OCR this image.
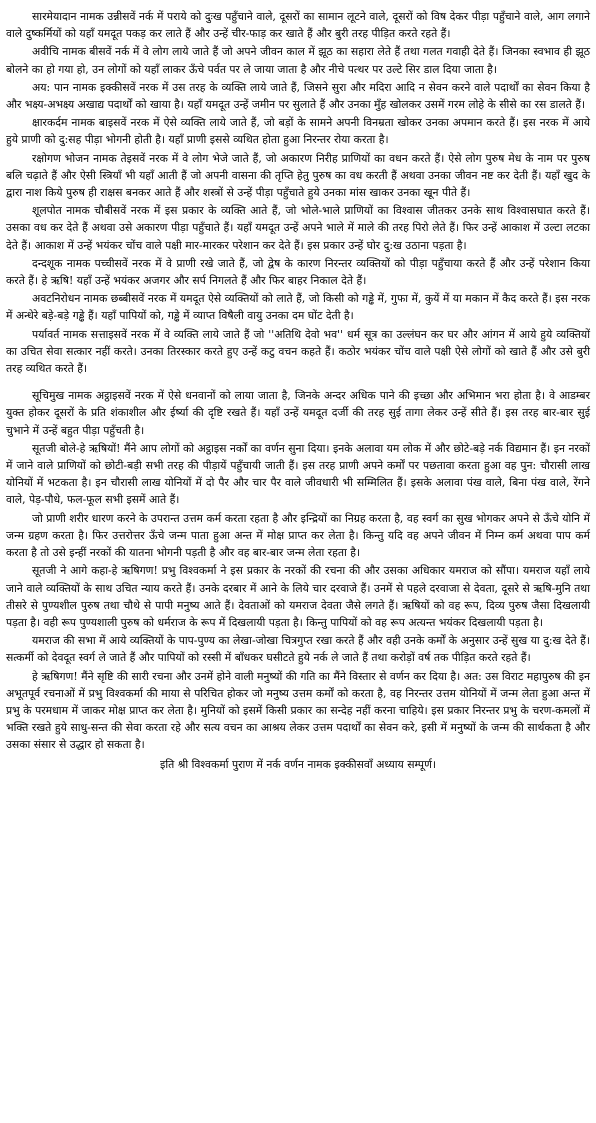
सारमेयादान नामक उन्नीसवें नर्क में पराये को दुःख पहुँचाने वाले, दूसरों का सामान लूटने वाले, दूसरों को विष देकर पीड़ा पहुँचाने वाले, आग लगाने वाले दुष्कर्मियों को यहाँ यमदूत पकड़ कर लाते हैं और उन्हें चीर-फाड़ कर खाते हैं और बुरी तरह पीड़ित करते रहते हैं।

अवीचि नामक बीसवें नर्क में वे लोग लाये जाते हैं जो अपने जीवन काल में झूठ का सहारा लेते हैं तथा गलत गवाही देते हैं। जिनका स्वभाव ही झूठ बोलने का हो गया हो, उन लोगों को यहाँ लाकर ऊँचे पर्वत पर ले जाया जाता है और नीचे पत्थर पर उल्टे सिर डाल दिया जाता है।

अय: पान नामक इक्कीसवें नरक में उस तरह के व्यक्ति लाये जाते हैं, जिसने सुरा और मदिरा आदि न सेवन करने वाले पदार्थों का सेवन किया है और भक्ष्य-अभक्ष्य अखाद्य पदार्थों को खाया है। यहाँ यमदूत उन्हें जमीन पर सुलाते हैं और उनका मुँह खोलकर उसमें गरम लोहे के सीसे का रस डालते हैं।

क्षारकर्दम नामक बाइसवें नरक में ऐसे व्यक्ति लाये जाते हैं, जो बड़ों के सामने अपनी विनम्रता खोकर उनका अपमान करते हैं। इस नरक में आये हुये प्राणी को दु:सह पीड़ा भोगनी होती है। यहाँ प्राणी इससे व्यथित होता हुआ निरन्तर रोया करता है।

रक्षोगण भोजन नामक तेइसवें नरक में वे लोग भेजे जाते हैं, जो अकारण निरीह प्राणियों का वधन करते हैं। ऐसे लोग पुरुष मेध के नाम पर पुरुष बलि चढ़ाते हैं और ऐसी स्त्रियाँ भी यहाँ आती हैं जो अपनी वासना की तृप्ति हेतु पुरुष का वध करती हैं अथवा उनका जीवन नष्ट कर देती हैं। यहाँ खुद के द्वारा नाश किये पुरुष ही राक्षस बनकर आते हैं और शस्त्रों से उन्हें पीड़ा पहुँचाते हुये उनका मांस खाकर उनका खून पीते हैं।

शूलपोत नामक चौबीसवें नरक में इस प्रकार के व्यक्ति आते हैं, जो भोले-भाले प्राणियों का विश्वास जीतकर उनके साथ विश्वासघात करते हैं। उसका वध कर देते हैं अथवा उसे अकारण पीड़ा पहुँचाते हैं। यहाँ यमदूत उन्हें अपने भाले में माले की तरह पिरो लेते हैं। फिर उन्हें आकाश में उल्टा लटका देते हैं। आकाश में उन्हें भयंकर चोंच वाले पक्षी मार-मारकर परेशान कर देते हैं। इस प्रकार उन्हें घोर दु:ख उठाना पड़ता है।

दन्दशूक नामक पच्चीसवें नरक में वे प्राणी रखे जाते हैं, जो द्वेष के कारण निरन्तर व्यक्तियों को पीड़ा पहुँचाया करते हैं और उन्हें परेशान किया करते हैं। हे ऋषि! यहाँ उन्हें भयंकर अजगर और सर्प निगलते हैं और फिर बाहर निकाल देते हैं।

अवटनिरोधन नामक छब्बीसवें नरक में यमदूत ऐसे व्यक्तियों को लाते हैं, जो किसी को गड्ढे में, गुफा में, कुयें में या मकान में कैद करते हैं। इस नरक में अन्धेरे बड़े-बड़े गड्ढे हैं। यहाँ पापियों को, गड्ढे में व्याप्त विषैली वायु उनका दम घोंट देती है।

पर्यावर्त नामक सत्ताइसवें नरक में वे व्यक्ति लाये जाते हैं जो ''अतिथि देवो भव'' धर्म सूत्र का उल्लंघन कर घर और आंगन में आये हुये व्यक्तियों का उचित सेवा सत्कार नहीं करते। उनका तिरस्कार करते हुए उन्हें कटु वचन कहते हैं। कठोर भयंकर चोंच वाले पक्षी ऐसे लोगों को खाते हैं और उसे बुरी तरह व्यथित करते हैं।

सूचिमुख नामक अट्ठाइसवें नरक में ऐसे धनवानों को लाया जाता है, जिनके अन्दर अधिक पाने की इच्छा और अभिमान भरा होता है। वे आडम्बर युक्त होकर दूसरों के प्रति शंकाशील और ईर्ष्या की दृष्टि रखते हैं। यहाँ उन्हें यमदूत दर्जी की तरह सुई तागा लेकर उन्हें सीते हैं। इस तरह बार-बार सुई चुभाने में उन्हें बहुत पीड़ा पहुँचती है।

सूतजी बोले-हे ऋषियों! मैंने आप लोगों को अट्ठाइस नर्कों का वर्णन सुना दिया। इनके अलावा यम लोक में और छोटे-बड़े नर्क विद्यमान हैं। इन नरकों में जाने वाले प्राणियों को छोटी-बड़ी सभी तरह की पीड़ायें पहुँचायी जाती हैं। इस तरह प्राणी अपने कर्मों पर पछतावा करता हुआ वह पुन: चौरासी लाख योनियों में भटकता है। इन चौरासी लाख योनियों में दो पैर और चार पैर वाले जीवधारी भी सम्मिलित हैं। इसके अलावा पंख वाले, बिना पंख वाले, रेंगने वाले, पेड़-पौधे, फल-फूल सभी इसमें आते हैं।

जो प्राणी शरीर धारण करने के उपरान्त उत्तम कर्म करता रहता है और इन्द्रियों का निग्रह करता है, वह स्वर्ग का सुख भोगकर अपने से ऊँचे योनि में जन्म ग्रहण करता है। फिर उत्तरोत्तर ऊँचे जन्म पाता हुआ अन्त में मोक्ष प्राप्त कर लेता है। किन्तु यदि वह अपने जीवन में निम्न कर्म अथवा पाप कर्म करता है तो उसे इन्हीं नरकों की यातना भोगनी पड़ती है और वह बार-बार जन्म लेता रहता है।

सूतजी ने आगे कहा-हे ऋषिगण! प्रभु विश्वकर्मा ने इस प्रकार के नरकों की रचना की और उसका अधिकार यमराज को सौंपा। यमराज यहाँ लाये जाने वाले व्यक्तियों के साथ उचित न्याय करते हैं। उनके दरबार में आने के लिये चार दरवाजे हैं। उनमें से पहले दरवाजा से देवता, दूसरे से ऋषि-मुनि तथा तीसरे से पुण्यशील पुरुष तथा चौथे से पापी मनुष्य आते हैं। देवताओं को यमराज देवता जैसे लगते हैं। ऋषियों को वह रूप, दिव्य पुरुष जैसा दिखलायी पड़ता है। वही रूप पुण्यशाली पुरुष को धर्मराज के रूप में दिखलायी पड़ता है। किन्तु पापियों को वह रूप अत्यन्त भयंकर दिखलायी पड़ता है।

यमराज की सभा में आये व्यक्तियों के पाप-पुण्य का लेखा-जोखा चित्रगुप्त रखा करते हैं और वही उनके कर्मों के अनुसार उन्हें सुख या दु:ख देते हैं। सत्कर्मी को देवदूत स्वर्ग ले जाते हैं और पापियों को रस्सी में बाँधकर घसीटते हुये नर्क ले जाते हैं तथा करोड़ों वर्ष तक पीड़ित करते रहते हैं।

हे ऋषिगण! मैंने सृष्टि की सारी रचना और उनमें होने वाली मनुष्यों की गति का मैंने विस्तार से वर्णन कर दिया है। अत: उस विराट महापुरुष की इन अभूतपूर्व रचनाओं में प्रभु विश्वकर्मा की माया से परिचित होकर जो मनुष्य उत्तम कर्मों को करता है, वह निरन्तर उत्तम योनियों में जन्म लेता हुआ अन्त में प्रभु के परमधाम में जाकर मोक्ष प्राप्त कर लेता है। मुनियों को इसमें किसी प्रकार का सन्देह नहीं करना चाहिये। इस प्रकार निरन्तर प्रभु के चरण-कमलों में भक्ति रखते हुये साधु-सन्त की सेवा करता रहे और सत्य वचन का आश्रय लेकर उत्तम पदार्थों का सेवन करे, इसी में मनुष्यों के जन्म की सार्थकता है और उसका संसार से उद्धार हो सकता है।

इति श्री विश्वकर्मा पुराण में नर्क वर्णन नामक इक्कीसवाँ अध्याय सम्पूर्ण।
